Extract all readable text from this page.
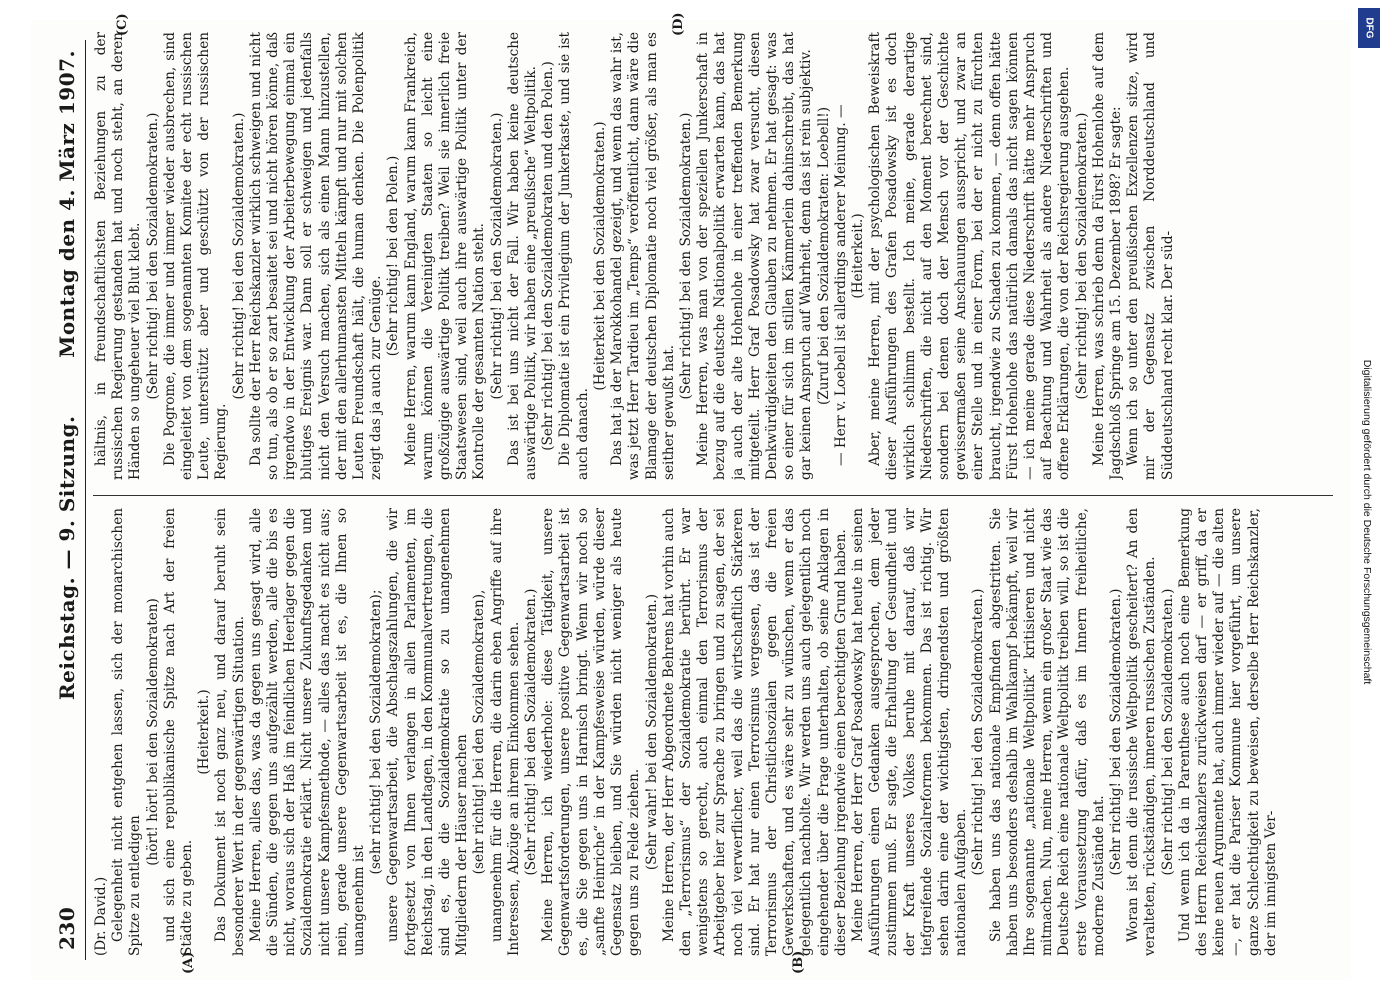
230
Reichstag. — 9. Sitzung.
Montag den 4. März 1907.

(Dr. David.) Gelegenheit nicht entgehen lassen, sich der monarchischen Spitze zu entledigen

(hört! hört! bei den Sozialdemokraten) und sich eine republikanische Spitze nach Art der freien Städte zu geben.

(Heiterkeit.) Das Dokument ist noch ganz neu, und darauf beruht sein besonderer Wert in der gegenwärtigen Situation. Meine Herren, alles das, was da gegen uns gesagt wird, alle die Sünden, die gegen uns aufgezählt werden, alle die bis es nicht, woraus sich der Haß im feindlichen Heerlager gegen die Sozialdemokratie erklärt. Nicht unsere Zukunftsgedanken und nicht unsere Kampfesmethode, — alles das macht es nicht aus; nein, gerade unsere Gegenwartsarbeit ist es, die Ihnen so unangenehm ist

(sehr richtig! bei den Sozialdemokraten); unsere Gegenwartsarbeit, die Abschlagszahlungen, die wir fortgesetzt von Ihnen verlangen in allen Parlamenten, im Reichstag, in den Landtagen, in den Kommunalvertretungen, die sind es, die die Sozialdemokratie so zu unangenehmen Mitgliedern der Häuser machen (sehr richtig! bei den Sozialdemokraten), unangenehm für die Herren, die darin eben Angriffe auf ihre Interessen, Abzüge an ihrem Einkommen sehen. (Sehr richtig! bei den Sozialdemokraten.) Meine Herren, ich wiederhole: diese Tätigkeit, unsere Gegenwartsforderungen, unsere positive Gegenwartsarbeit ist es, die Sie gegen uns in Harnisch bringt. Wenn wir noch so „sanfte Heinriche“ in der Kampfesweise würden, würde dieser Gegensatz bleiben, und Sie würden nicht weniger als heute gegen uns zu Felde ziehen. (Sehr wahr! bei den Sozialdemokraten.) Meine Herren, der Herr Abgeordnete Behrens hat vorhin auch den „Terrorismus“ der Sozialdemokratie berührt. Er war wenigstens so gerecht, auch einmal den Terrorismus der Arbeitgeber hier zur Sprache zu bringen und zu sagen, der sei noch viel verwerflicher, weil das die wirtschaftlich Stärkeren sind. Er hat nur einen Terrorismus vergessen, das ist der Terrorismus der Christlichsozialen gegen die freien Gewerkschaften, und es wäre sehr zu wünschen, wenn er das gelegentlich nachholte. Wir werden uns auch gelegentlich noch eingehender über die Frage unterhalten, ob seine Anklagen in dieser Beziehung irgendwie einen berechtigten Grund haben. Meine Herren, der Herr Graf Posadowsky hat heute in seinen Ausführungen einen Gedanken ausgesprochen, dem jeder zustimmen muß. Er sagte, die Erhaltung der Gesundheit und der Kraft unseres Volkes beruhe mit darauf, daß wir tiefgreifende Sozialreformen bekommen. Das ist richtig. Wir sehen darin eine der wichtigsten, dringendsten und größten nationalen Aufgaben.

(Sehr richtig! bei den Sozialdemokraten.) Sie haben uns das nationale Empfinden abgestritten. Sie haben uns besonders deshalb im Wahlkampf bekämpft, weil wir Ihre sogenannte „nationale Weltpolitik“ kritisieren und nicht mitmachen. Nun, meine Herren, wenn ein großer Staat wie das Deutsche Reich eine nationale Weltpolitik treiben will, so ist die erste Voraussetzung dafür, daß es im Innern freiheitliche, moderne Zustände hat.

(Sehr richtig! bei den Sozialdemokraten.) Woran ist denn die russische Weltpolitik gescheitert? An den veralteten, rückständigen, inneren russischen Zuständen. (Sehr richtig! bei den Sozialdemokraten.) Und wenn ich da in Parenthese auch noch eine Bemerkung des Herrn Reichskanzlers zurückweisen darf — er griff, da er keine neuen Argumente hat, auch immer wieder auf — die alten —, er hat die Pariser Kommune hier vorgeführt, um unsere ganze Schlechtigkeit zu beweisen, derselbe Herr Reichskanzler, der im innigsten Ver-

hältnis, in freundschaftlichsten Beziehungen zu der russischen Regierung gestanden hat und noch steht, an deren Händen so ungeheuer viel Blut klebt. (Sehr richtig! bei den Sozialdemokraten.) Die Pogrome, die immer und immer wieder ausbrechen, sind eingeleitet von dem sogenannten Komitee der echt russischen Leute, unterstützt aber und geschützt von der russischen Regierung.

(Sehr richtig! bei den Sozialdemokraten.) Da sollte der Herr Reichskanzler wirklich schweigen und nicht so tun, als ob er so zart besaitet sei und nicht hören könne, daß irgendwo in der Entwicklung der Arbeiterbewegung einmal ein blutiges Ereignis war. Dann soll er schweigen und jedenfalls nicht den Versuch machen, sich als einen Mann hinzustellen, der mit den allerhumansten Mitteln kämpft und nur mit solchen Leuten Freundschaft hält, die human denken. Die Polenpolitik zeigt das ja auch zur Genüge.

(Sehr richtig! bei den Polen.) Meine Herren, warum kann England, warum kann Frankreich, warum können die Vereinigten Staaten so leicht eine großzügige auswärtige Politik treiben? Weil sie innerlich freie Staatswesen sind, weil auch ihre auswärtige Politik unter der Kontrolle der gesamten Nation steht. (Sehr richtig! bei den Sozialdemokraten.) Das ist bei uns nicht der Fall. Wir haben keine deutsche auswärtige Politik, wir haben eine „preußische“ Weltpolitik. (Sehr richtig! bei den Sozialdemokraten und den Polen.) Die Diplomatie ist ein Privilegium der Junkerkaste, und sie ist auch danach.

(Heiterkeit bei den Sozialdemokraten.) Das hat ja der Marokkohandel gezeigt, und wenn das wahr ist, was jetzt Herr Tardieu im „Temps“ veröffentlicht, dann wäre die Blamage der deutschen Diplomatie noch viel größer, als man es seither gewußt hat.

(Sehr richtig! bei den Sozialdemokraten.) Meine Herren, was man von der speziellen Junkerschaft in bezug auf die deutsche Nationalpolitik erwarten kann, das hat ja auch der alte Hohenlohe in einer treffenden Bemerkung mitgeteilt. Herr Graf Posadowsky hat zwar versucht, diesen Denkwürdigkeiten den Glauben zu nehmen. Er hat gesagt: was so einer für sich im stillen Kämmerlein dahinschreibt, das hat gar keinen Anspruch auf Wahrheit, denn das ist rein subjektiv. (Zuruf bei den Sozialdemokraten: Loebell!) — Herr v. Loebell ist allerdings anderer Meinung. — (Heiterkeit.) Aber, meine Herren, mit der psychologischen Beweiskraft dieser Ausführungen des Grafen Posadowsky ist es doch wirklich schlimm bestellt. Ich meine, gerade derartige Niederschriften, die nicht auf den Moment berechnet sind, sondern bei denen doch der Mensch vor der Geschichte gewissermaßen seine Anschauungen ausspricht, und zwar an einer Stelle und in einer Form, bei der er nicht zu fürchten braucht, irgendwie zu Schaden zu kommen, — denn offen hätte Fürst Hohenlohe das natürlich damals das nicht sagen können — ich meine gerade diese Niederschrift hätte mehr Anspruch auf Beachtung und Wahrheit als andere Niederschriften und offene Erklärungen, die von der Reichsregierung ausgehen. (Sehr richtig! bei den Sozialdemokraten.) Meine Herren, was schrieb denn da Fürst Hohenlohe auf dem Jagdschloß Springe am 15. Dezember 1898? Er sagte: Wenn ich so unter den preußischen Exzellenzen sitze, wird mir der Gegensatz zwischen Norddeutschland und Süddeutschland recht klar. Der süd-

(A)	(B)
(C)	(D)	DFG
Digitalisierung gefördert durch die Deutsche Forschungsgemeinschaft
